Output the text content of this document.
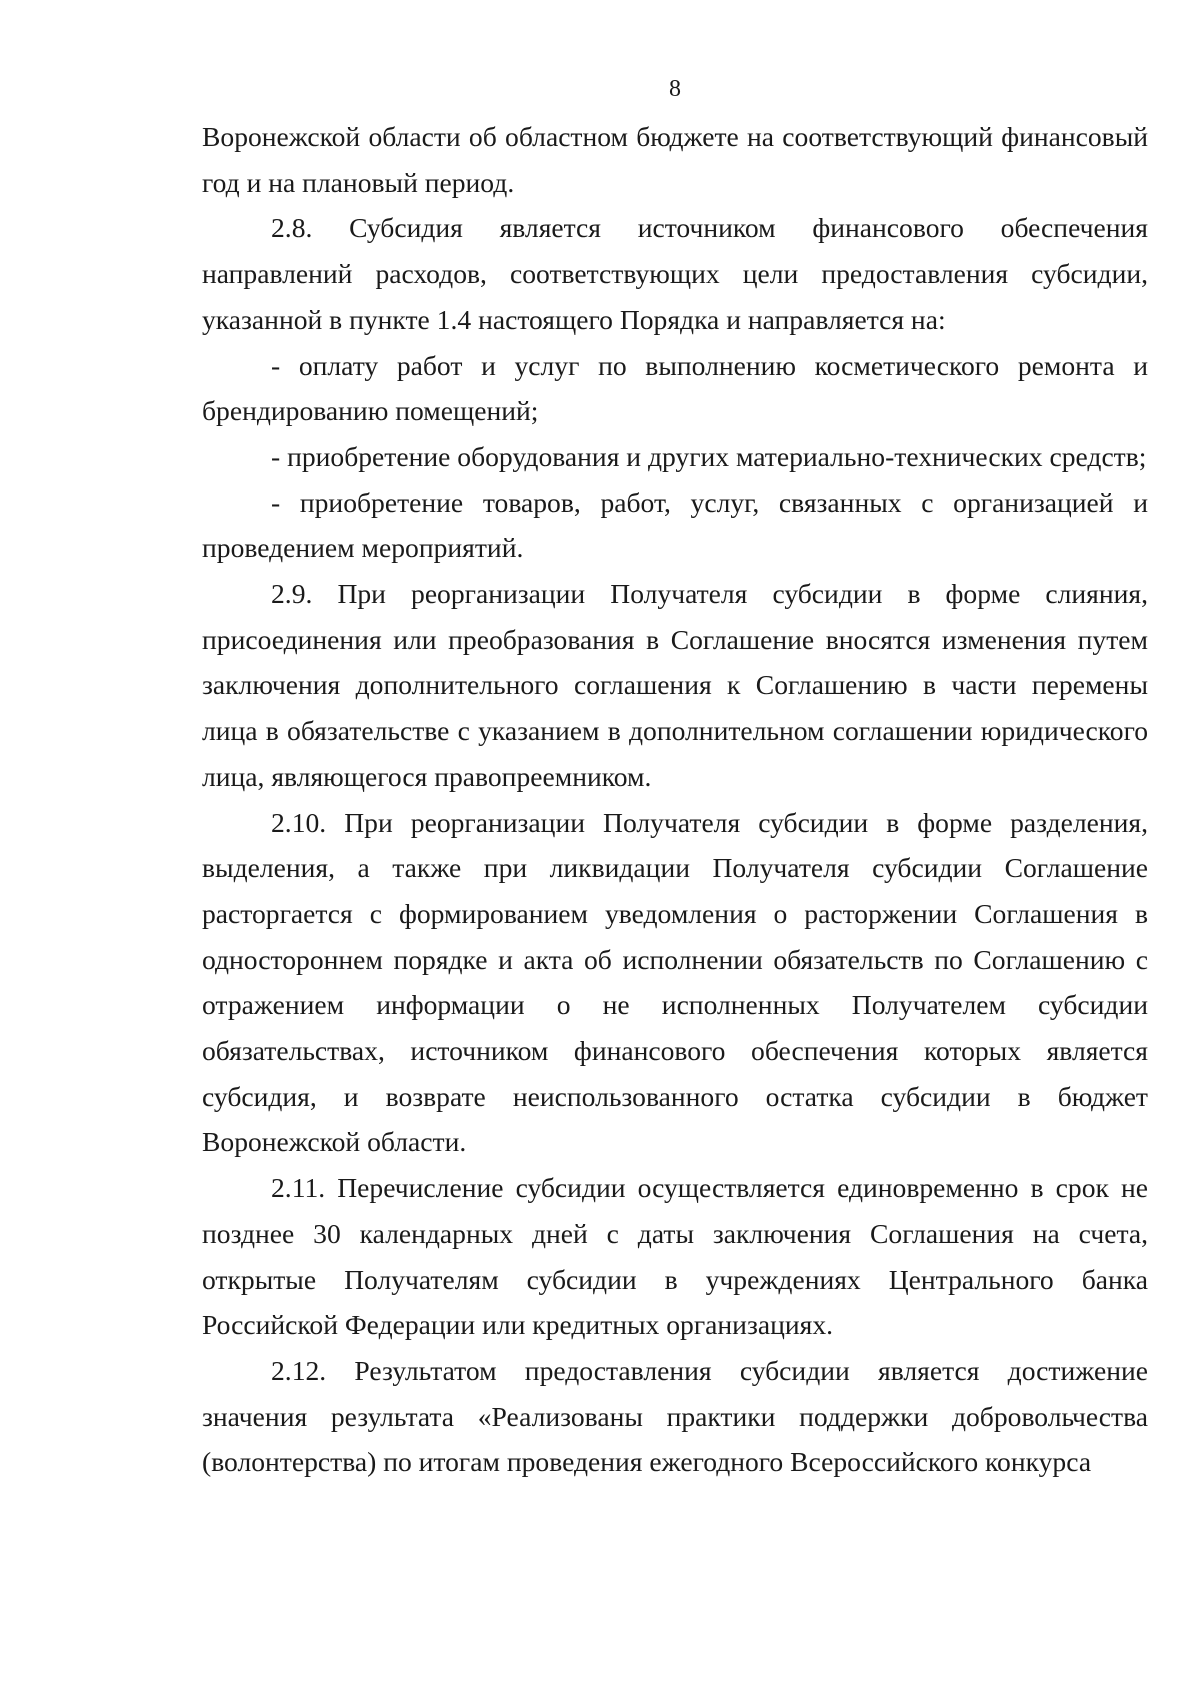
8

Воронежской области об областном бюджете на соответствующий финансовый год и на плановый период.

2.8. Субсидия является источником финансового обеспечения направлений расходов, соответствующих цели предоставления субсидии, указанной в пункте 1.4 настоящего Порядка и направляется на:

- оплату работ и услуг по выполнению косметического ремонта и брендированию помещений;

- приобретение оборудования и других материально-технических средств;

- приобретение товаров, работ, услуг, связанных с организацией и проведением мероприятий.

2.9. При реорганизации Получателя субсидии в форме слияния, присоединения или преобразования в Соглашение вносятся изменения путем заключения дополнительного соглашения к Соглашению в части перемены лица в обязательстве с указанием в дополнительном соглашении юридического лица, являющегося правопреемником.

2.10. При реорганизации Получателя субсидии в форме разделения, выделения, а также при ликвидации Получателя субсидии Соглашение расторгается с формированием уведомления о расторжении Соглашения в одностороннем порядке и акта об исполнении обязательств по Соглашению с отражением информации о не исполненных Получателем субсидии обязательствах, источником финансового обеспечения которых является субсидия, и возврате неиспользованного остатка субсидии в бюджет Воронежской области.

2.11. Перечисление субсидии осуществляется единовременно в срок не позднее 30 календарных дней с даты заключения Соглашения на счета, открытые Получателям субсидии в учреждениях Центрального банка Российской Федерации или кредитных организациях.

2.12. Результатом предоставления субсидии является достижение значения результата «Реализованы практики поддержки добровольчества (волонтерства) по итогам проведения ежегодного Всероссийского конкурса
